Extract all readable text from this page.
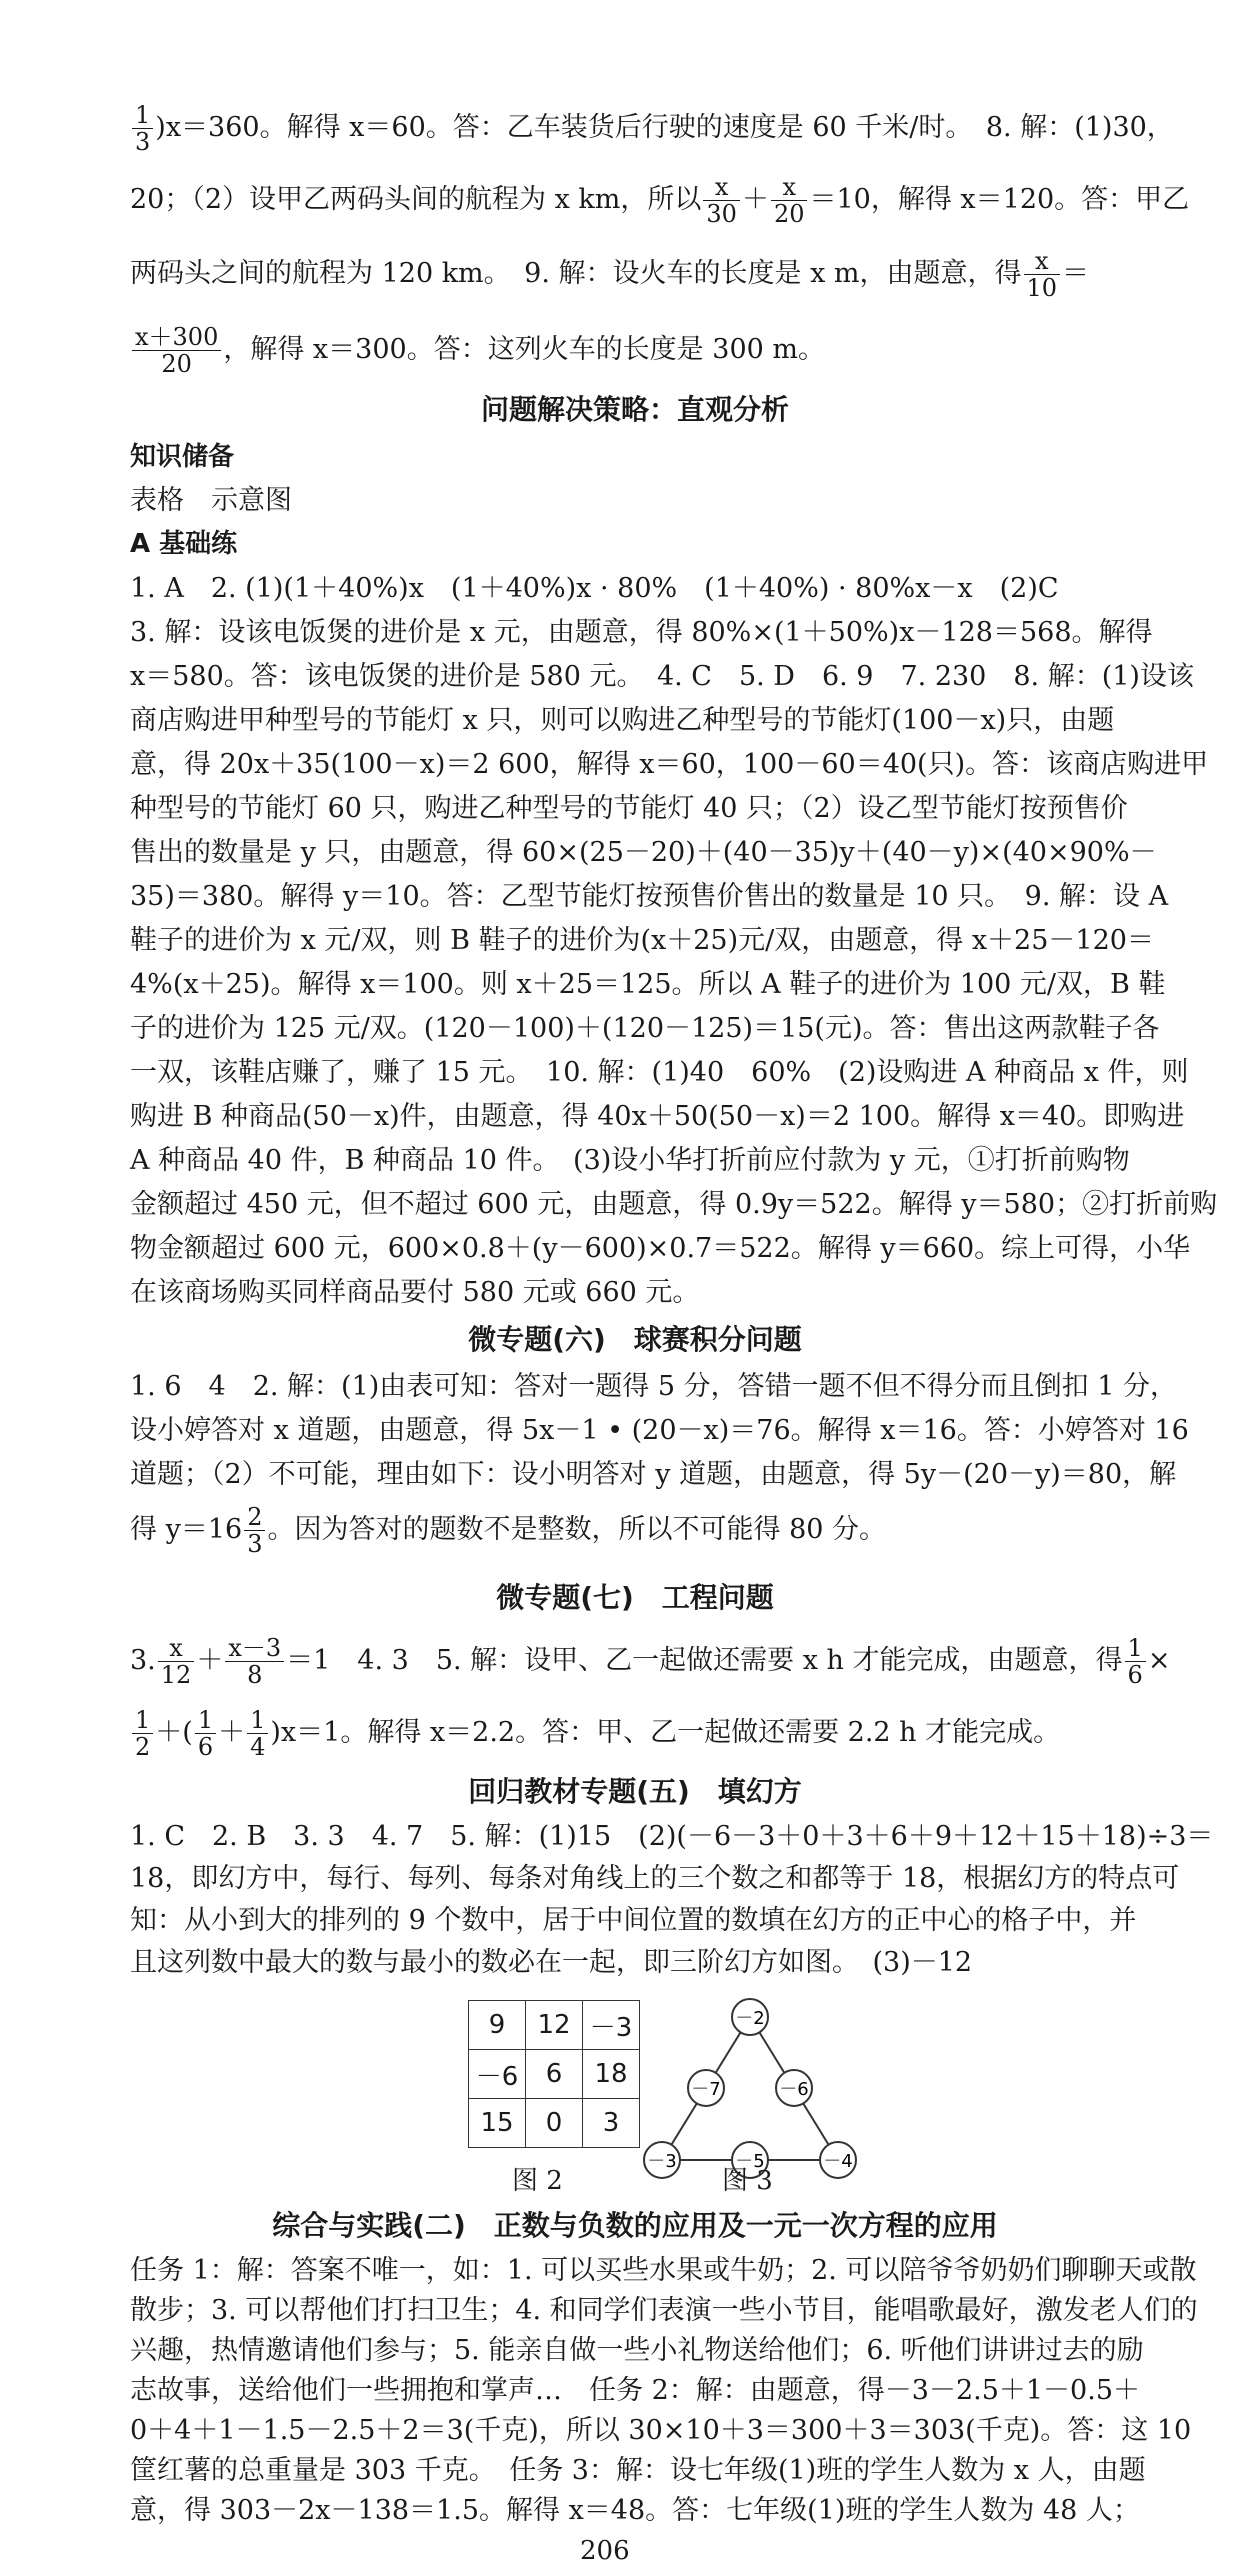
$\frac{1}{3} )x=360$。解得 x＝60。答：乙车装货后行驶的速度是 60 千米/时。　8. 解：(1)30，
20；（2）设甲乙两码头间的航程为 x km，所以 $\frac{x}{30} + \frac{x}{20} =10$，解得 x＝120。答：甲乙
两码头之间的航程为 120 km。　9. 解：设火车的长度是 x m，由题意，得 $\frac{x}{10}$ ＝
$\frac{x+300}{20}$ ，解得 x＝300。答：这列火车的长度是 300 m。
问题解决策略：直观分析
知识储备
表格　示意图
A 基础练
1. A　2. (1)(1＋40%)x　(1＋40%)x · 80%　(1＋40%) · 80%x－x　(2)C
3. 解：设该电饭煲的进价是 x 元，由题意，得 80%×(1＋50%)x－128＝568。解得
x＝580。答：该电饭煲的进价是 580 元。　4. C　5. D　6. 9　7. 230　8. 解：(1)设该
商店购进甲种型号的节能灯 x 只，则可以购进乙种型号的节能灯(100－x)只，由题
意，得 20x＋35(100－x)＝2 600，解得 x＝60，100－60＝40(只)。答：该商店购进甲
种型号的节能灯 60 只，购进乙种型号的节能灯 40 只；（2）设乙型节能灯按预售价
售出的数量是 y 只，由题意，得 60×(25－20)＋(40－35)y＋(40－y)×(40×90%－
35)＝380。解得 y＝10。答：乙型节能灯按预售价售出的数量是 10 只。　9. 解：设 A
鞋子的进价为 x 元/双，则 B 鞋子的进价为(x＋25)元/双，由题意，得 x＋25－120＝
4%(x＋25)。解得 x＝100。则 x＋25＝125。所以 A 鞋子的进价为 100 元/双，B 鞋
子的进价为 125 元/双。(120－100)＋(120－125)＝15(元)。答：售出这两款鞋子各
一双，该鞋店赚了，赚了 15 元。　10. 解：(1)40　60%　(2)设购进 A 种商品 x 件，则
购进 B 种商品(50－x)件，由题意，得 40x＋50(50－x)＝2 100。解得 x＝40。即购进
A 种商品 40 件，B 种商品 10 件。　(3)设小华打折前应付款为 y 元，①打折前购物
金额超过 450 元，但不超过 600 元，由题意，得 0.9y＝522。解得 y＝580；②打折前购
物金额超过 600 元，600×0.8＋(y－600)×0.7＝522。解得 y＝660。综上可得，小华
在该商场购买同样商品要付 580 元或 660 元。
微专题(六)　球赛积分问题
1. 6　4　2. 解：(1)由表可知：答对一题得 5 分，答错一题不但不得分而且倒扣 1 分，
设小婷答对 x 道题，由题意，得 5x－1 • (20－x)＝76。解得 x＝16。答：小婷答对 16
道题；（2）不可能，理由如下：设小明答对 y 道题，由题意，得 5y－(20－y)＝80，解
得 $y=16 \frac{2}{3}$ 。因为答对的题数不是整数，所以不可能得 80 分。
微专题(七)　工程问题
3. $\frac{x}{12} + \frac{x-3}{8} =1$　4. 3　5. 解：设甲、乙一起做还需要 x h 才能完成，由题意，得 $\frac{1}{6}$ ×
$\frac{1}{2}$ ＋( $\frac{1}{6} + \frac{1}{4} )x=1$。解得 x＝2.2。答：甲、乙一起做还需要 2.2 h 才能完成。
回归教材专题(五)　填幻方
1. C　2. B　3. 3　4. 7　5. 解：(1)15　(2)(－6－3＋0＋3＋6＋9＋12＋15＋18)÷3＝
18，即幻方中，每行、每列、每条对角线上的三个数之和都等于 18，根据幻方的特点可
知：从小到大的排列的 9 个数中，居于中间位置的数填在幻方的正中心的格子中，并
且这列数中最大的数与最小的数必在一起，即三阶幻方如图。　(3)－12
9	12	－3
－6	6	18
15	0	3
图 2
－2
－7	－6
－3	－5	－4
图 3
综合与实践(二)　正数与负数的应用及一元一次方程的应用
任务 1：解：答案不唯一，如：1. 可以买些水果或牛奶；2. 可以陪爷爷奶奶们聊聊天或散
散步；3. 可以帮他们打扫卫生；4. 和同学们表演一些小节目，能唱歌最好，激发老人们的
兴趣，热情邀请他们参与；5. 能亲自做一些小礼物送给他们；6. 听他们讲讲过去的励
志故事，送给他们一些拥抱和掌声…　任务 2：解：由题意，得－3－2.5＋1－0.5＋
0＋4＋1－1.5－2.5＋2＝3(千克)，所以 30×10＋3＝300＋3＝303(千克)。答：这 10
筐红薯的总重量是 303 千克。　任务 3：解：设七年级(1)班的学生人数为 x 人，由题
意，得 303－2x－138＝1.5。解得 x＝48。答：七年级(1)班的学生人数为 48 人；
206
